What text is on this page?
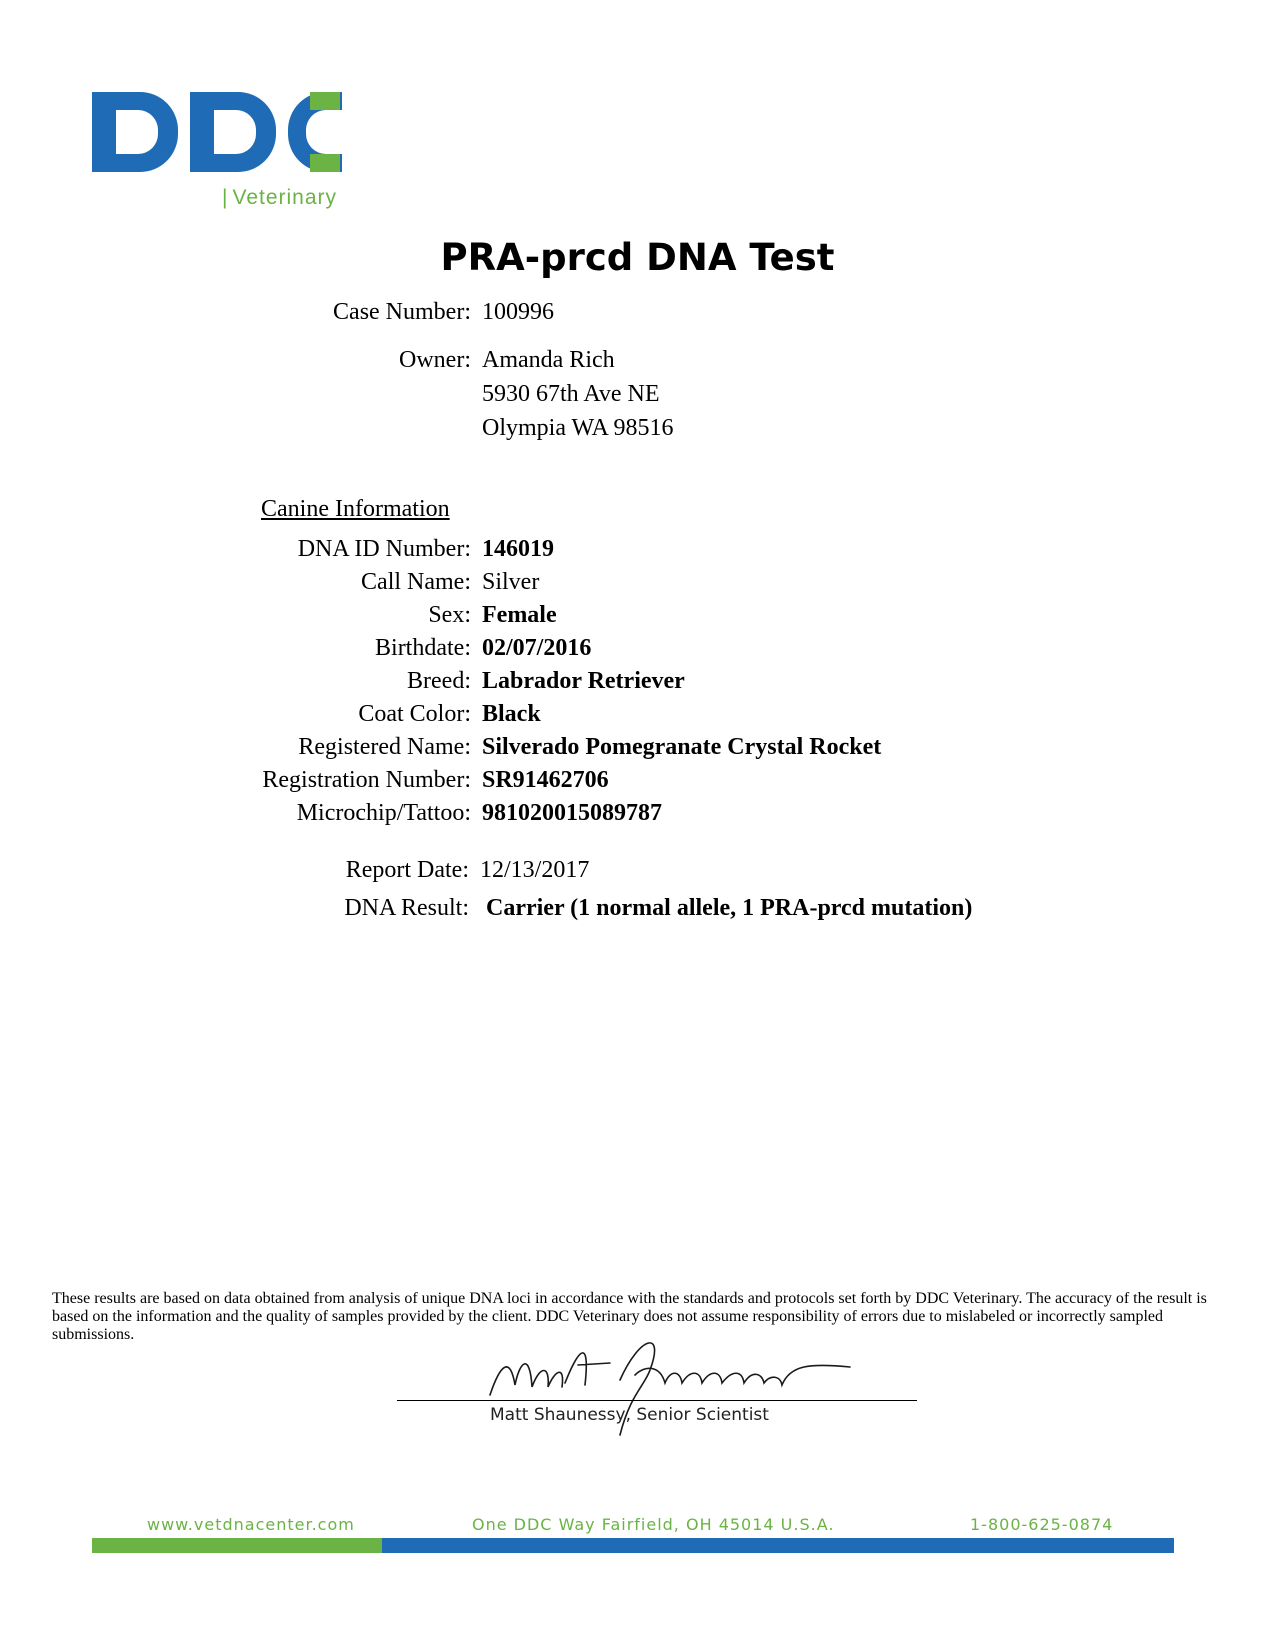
| Veterinary
PRA-prcd DNA Test
Case Number: 100996
Owner: Amanda Rich
5930 67th Ave NE
Olympia WA 98516
Canine Information
DNA ID Number: 146019
Call Name: Silver
Sex: Female
Birthdate: 02/07/2016
Breed: Labrador Retriever
Coat Color: Black
Registered Name: Silverado Pomegranate Crystal Rocket
Registration Number: SR91462706
Microchip/Tattoo: 981020015089787
Report Date: 12/13/2017
DNA Result: Carrier (1 normal allele, 1 PRA-prcd mutation)
These results are based on data obtained from analysis of unique DNA loci in accordance with the standards and protocols set forth by DDC Veterinary. The accuracy of the result is based on the information and the quality of samples provided by the client. DDC Veterinary does not assume responsibility of errors due to mislabeled or incorrectly sampled submissions.
Matt Shaunessy, Senior Scientist
www.vetdnacenter.com	One DDC Way Fairfield, OH 45014 U.S.A.	1-800-625-0874
